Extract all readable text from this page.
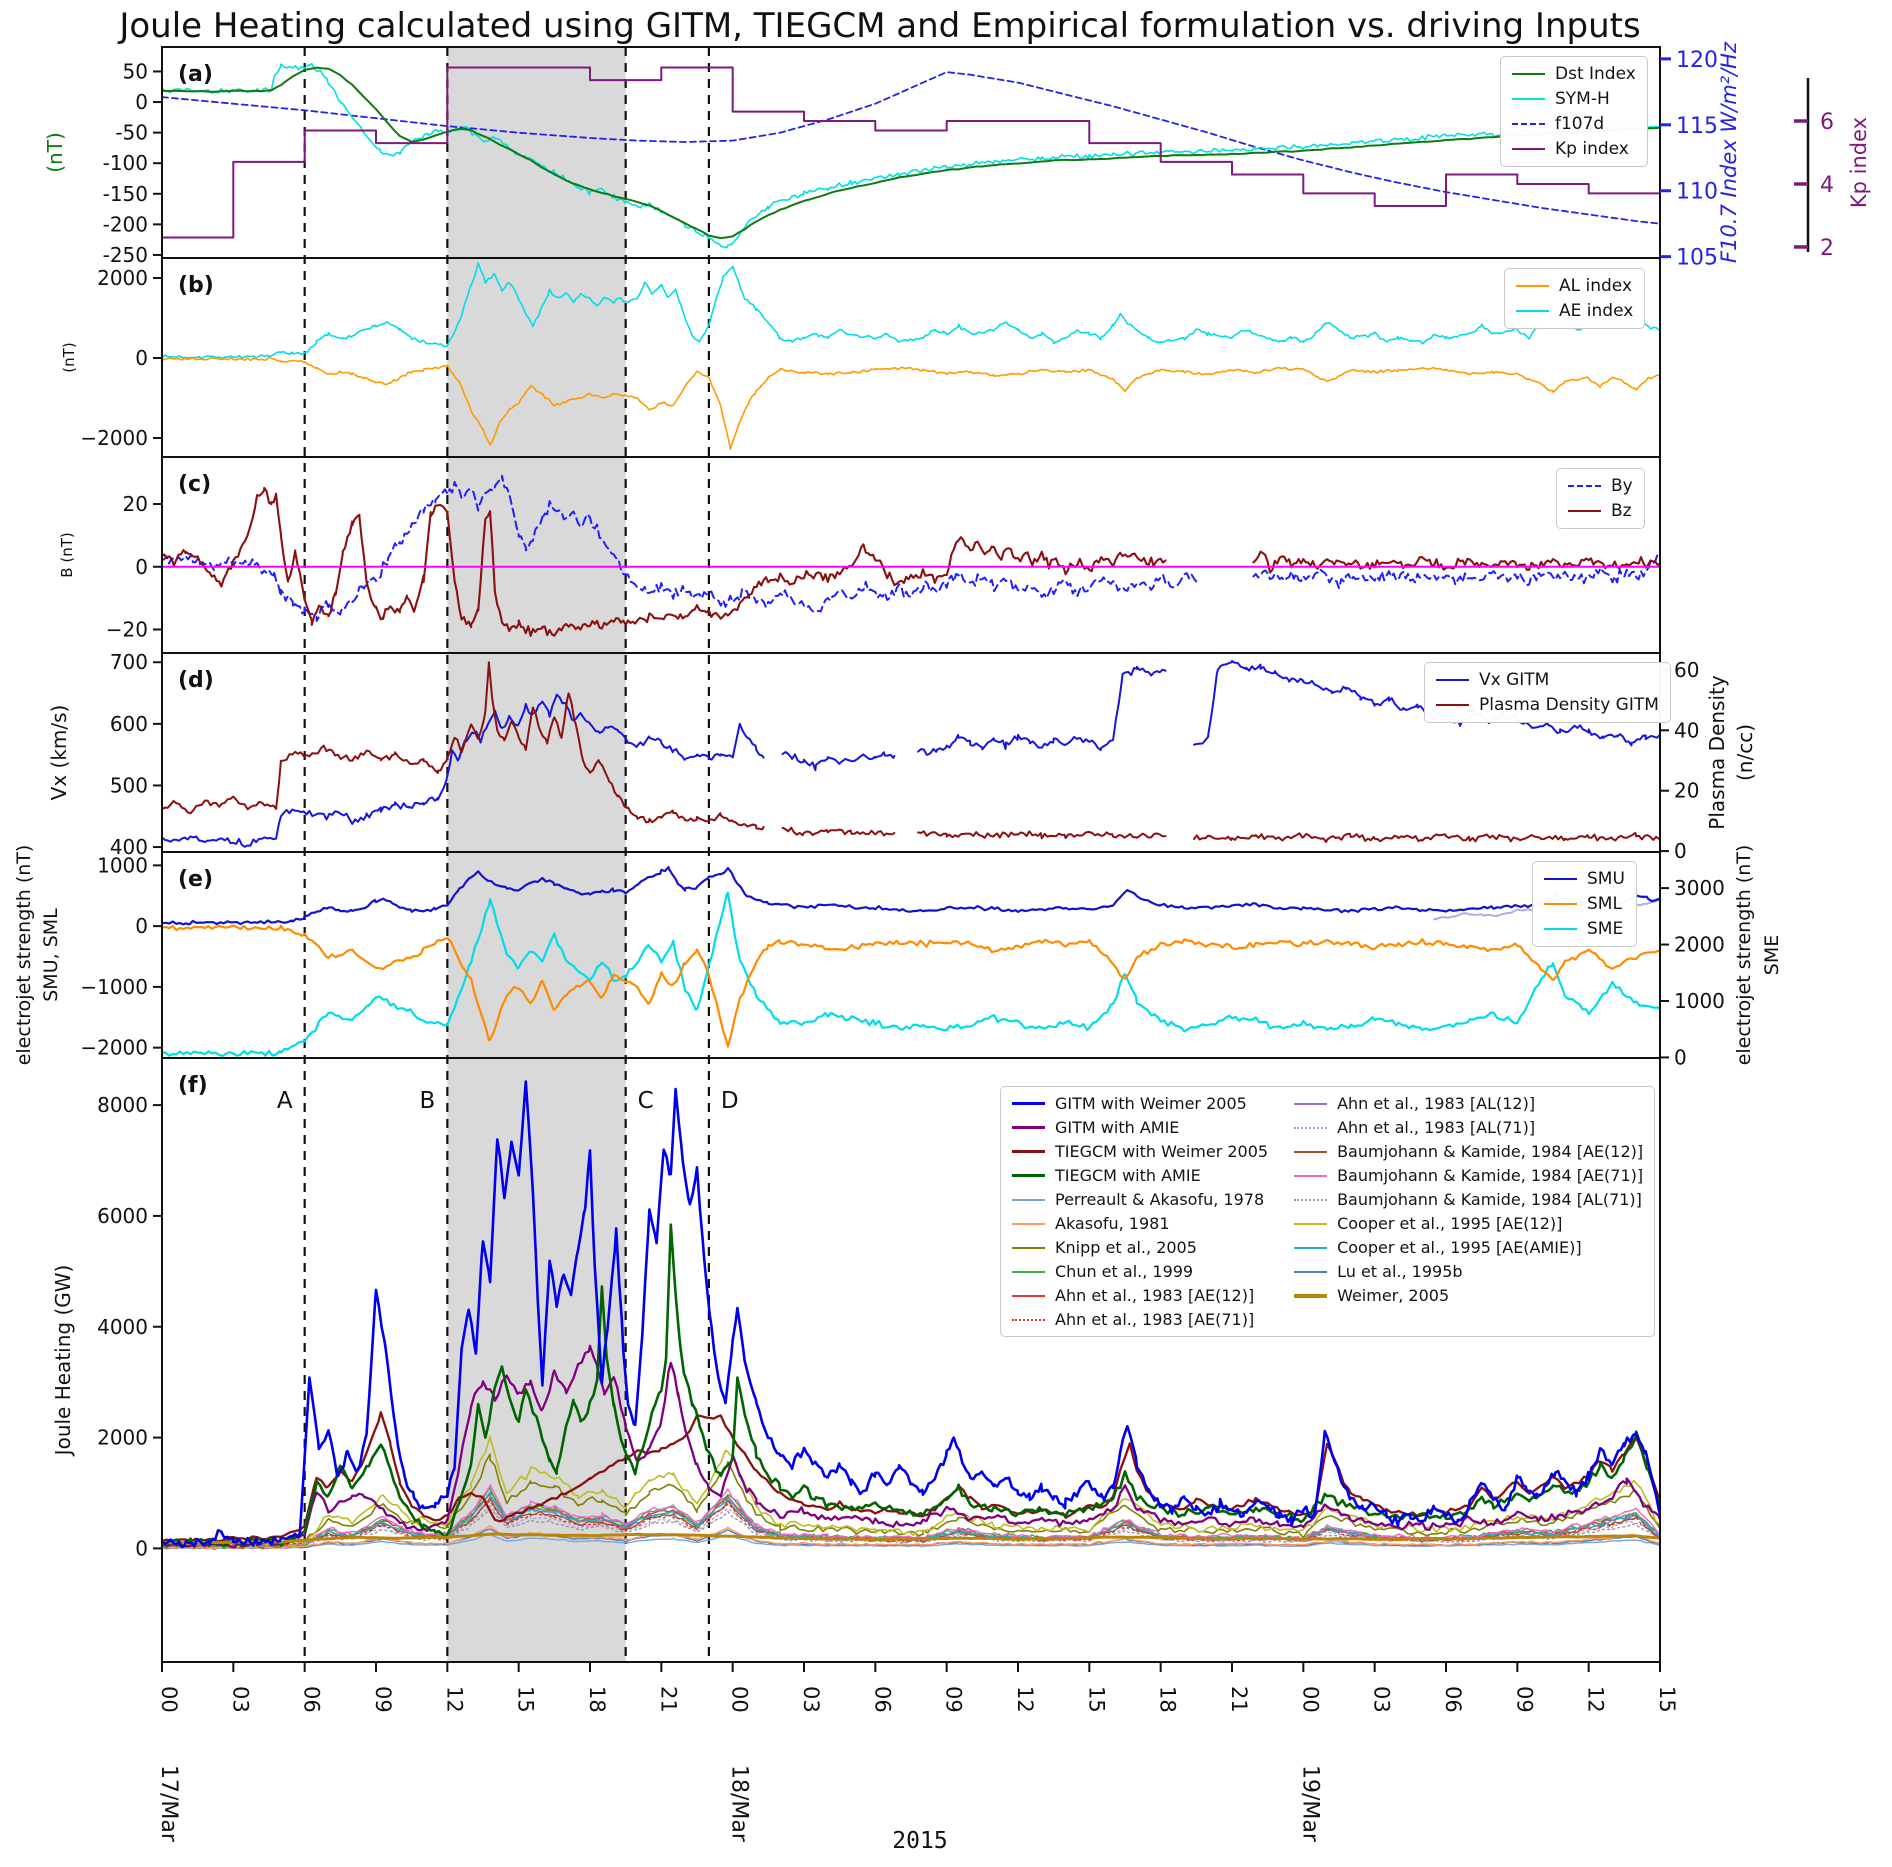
Joule Heating calculated using GITM, TIEGCM and Empirical formulation vs. driving Inputs
50
0
-50
-100
-150
-200
-250
(nT)
120
115
110
105 F10.7 Index W/m²/Hz	6
4
2
Kp index
(a)
2000
0
−2000
(nT)
(b)
20
0
−20
B (nT)
(c)
700
600
500
400
Vx (km/s)
60
40
20
0
Plasma Density (n/cc)
(d)
1000
0
−1000
−2000
electrojet strength (nT) SMU, SML
3000
2000
1000
0 electrojet strength (nT) SME
(e)
8000
6000
4000
2000
0
Joule Heating (GW)
(f)
A	B	C	D
00 03 06 09 12 15 18 21 00 03 06 09 12 15 18 21 00 03 06 09 12 15
17/Mar	18/Mar	19/Mar
Dst Index
SYM-H
f107d
Kp index
AL index
AE index
By
Bz
Vx GITM
Plasma Density GITM
SMU
SML
SME
GITM with Weimer 2005
GITM with AMIE
TIEGCM with Weimer 2005
TIEGCM with AMIE
Perreault & Akasofu, 1978
Akasofu, 1981
Knipp et al., 2005
Chun et al., 1999
Ahn et al., 1983 [AE(12)]
Ahn et al., 1983 [AE(71)]
Ahn et al., 1983 [AL(12)]
Ahn et al., 1983 [AL(71)]
Baumjohann & Kamide, 1984 [AE(12)]
Baumjohann & Kamide, 1984 [AE(71)]
Baumjohann & Kamide, 1984 [AL(71)]
Cooper et al., 1995 [AE(12)]
Cooper et al., 1995 [AE(AMIE)]
Lu et al., 1995b
Weimer, 2005
2015
